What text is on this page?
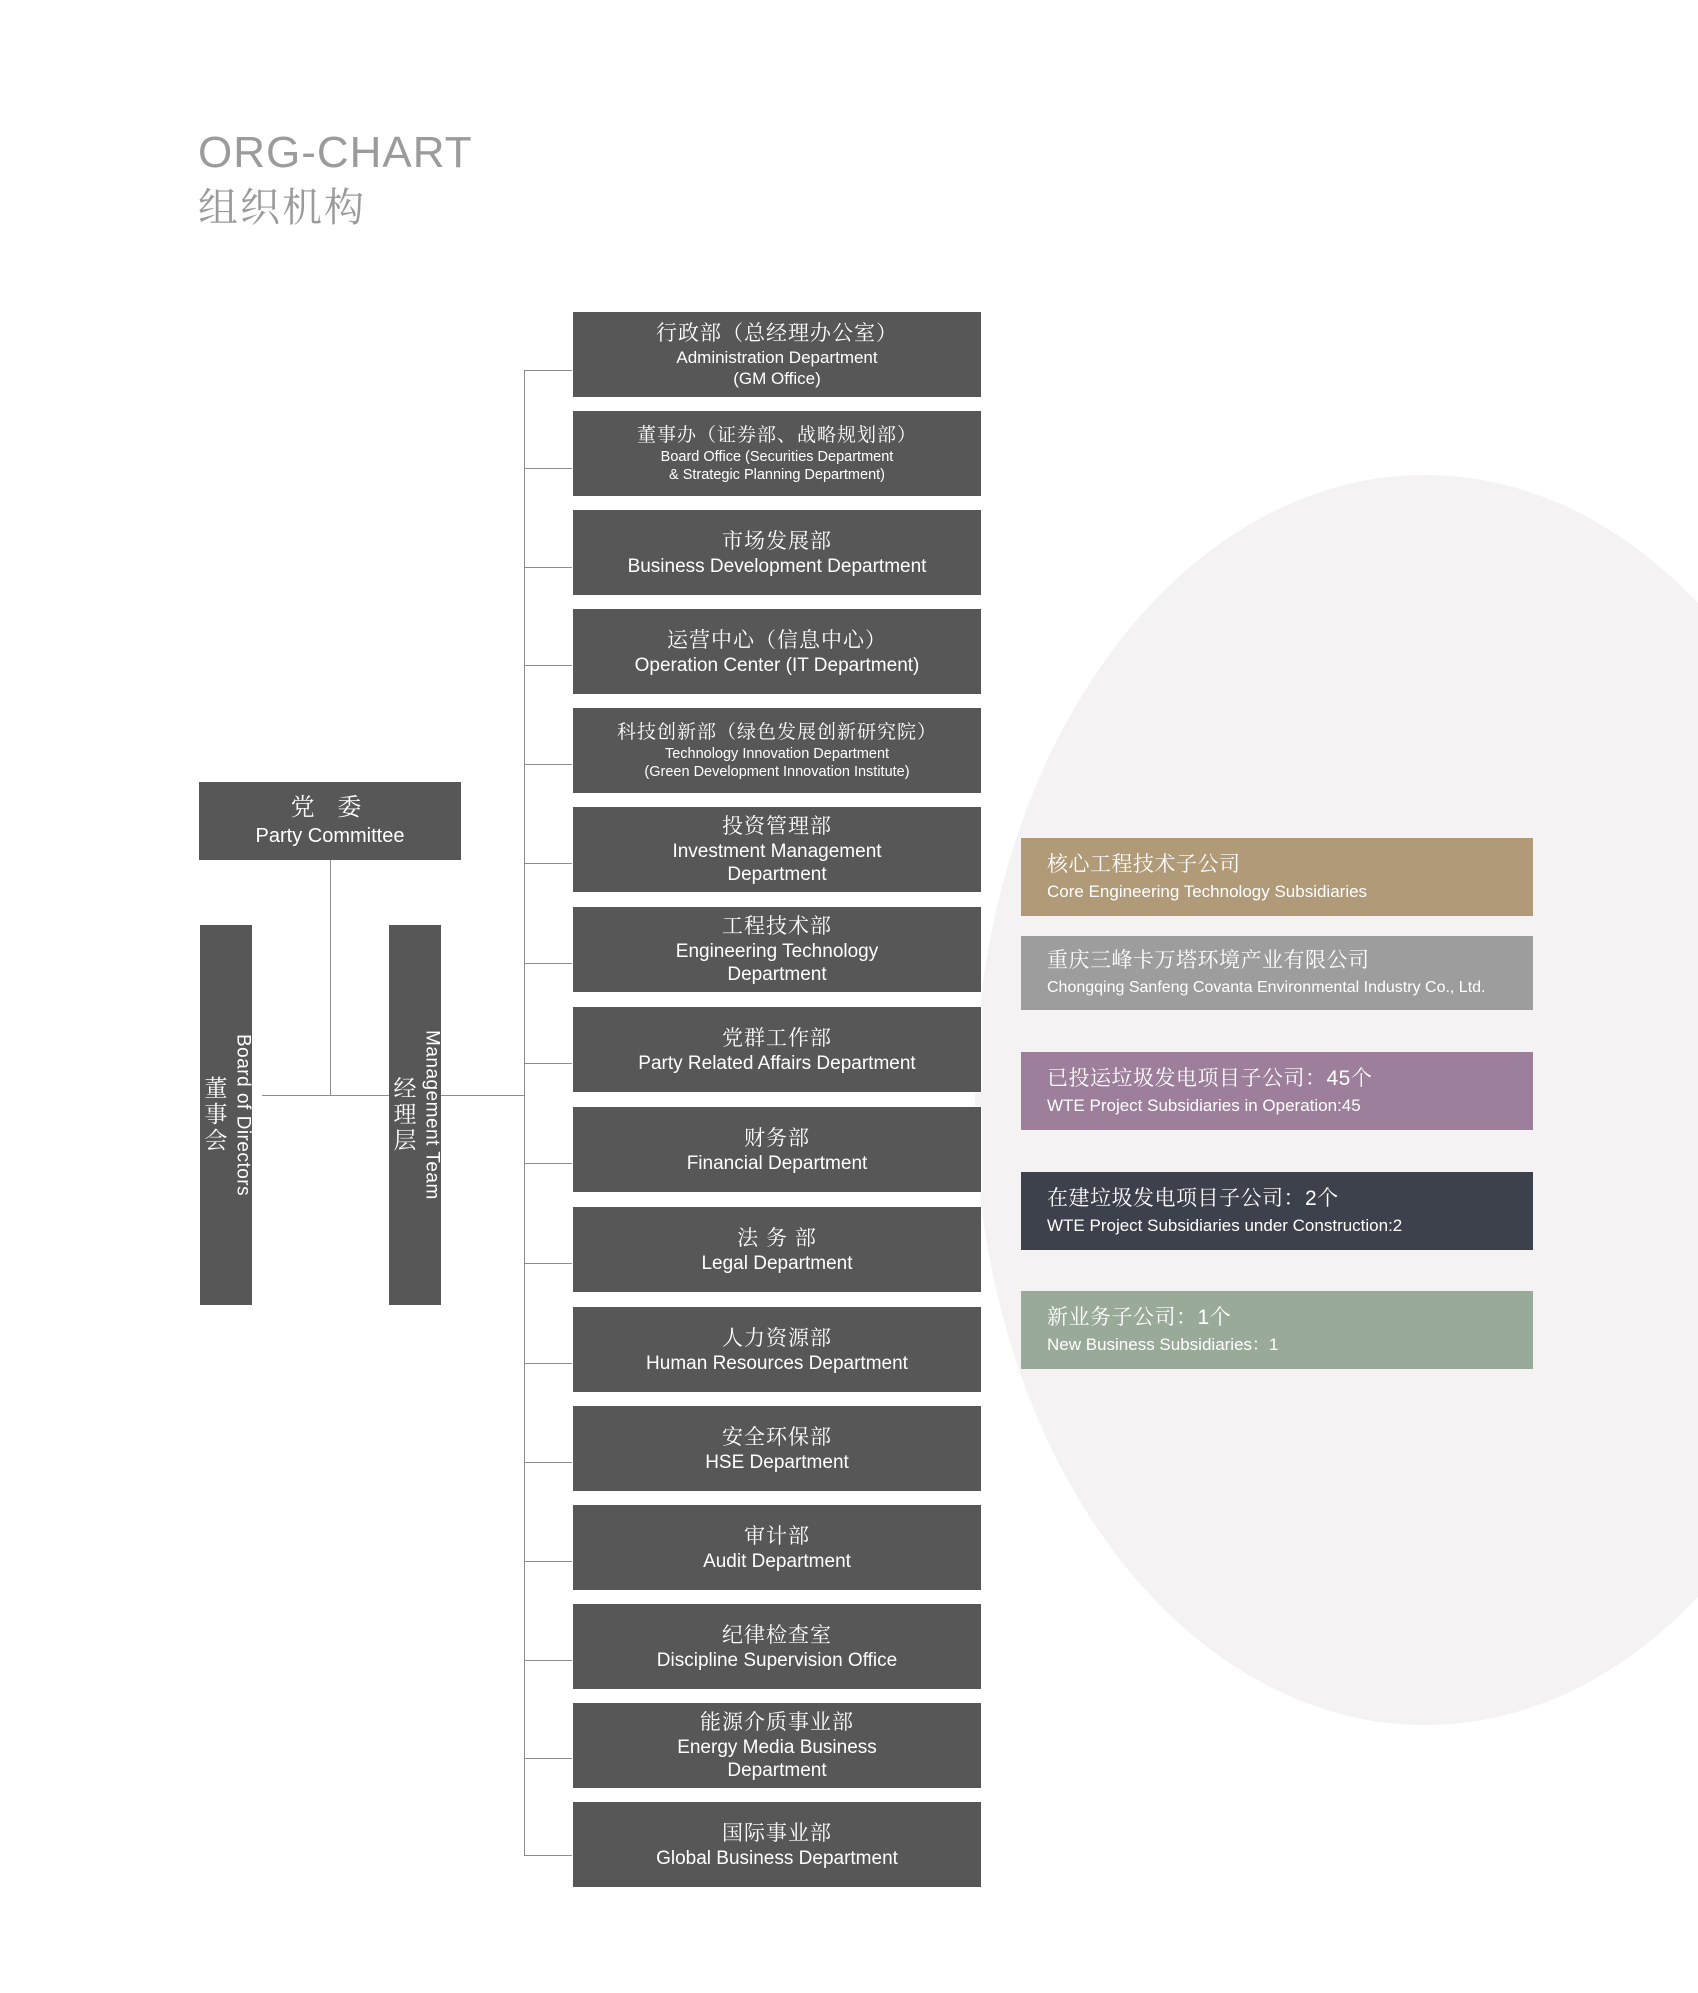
ORG-CHART
组织机构
党 委
Party Committee
董事会 Board of Directors	经理层 Management Team
行政部（总经理办公室）
Administration Department
(GM Office)
董事办（证券部、战略规划部）
Board Office (Securities Department
& Strategic Planning Department)
市场发展部
Business Development Department
运营中心（信息中心）
Operation Center (IT Department)
科技创新部（绿色发展创新研究院）
Technology Innovation Department
(Green Development Innovation Institute)
投资管理部
Investment Management
Department
工程技术部
Engineering Technology
Department
党群工作部
Party Related Affairs Department
财务部
Financial Department
法 务 部
Legal Department
人力资源部
Human Resources Department
安全环保部
HSE Department
审计部
Audit Department
纪律检查室
Discipline Supervision Office
能源介质事业部
Energy Media Business
Department
国际事业部
Global Business Department
核心工程技术子公司
Core Engineering Technology Subsidiaries
重庆三峰卡万塔环境产业有限公司
Chongqing Sanfeng Covanta Environmental Industry Co., Ltd.
已投运垃圾发电项目子公司：45个
WTE Project Subsidiaries in Operation:45
在建垃圾发电项目子公司：2个
WTE Project Subsidiaries under Construction:2
新业务子公司：1个
New Business Subsidiaries：1
